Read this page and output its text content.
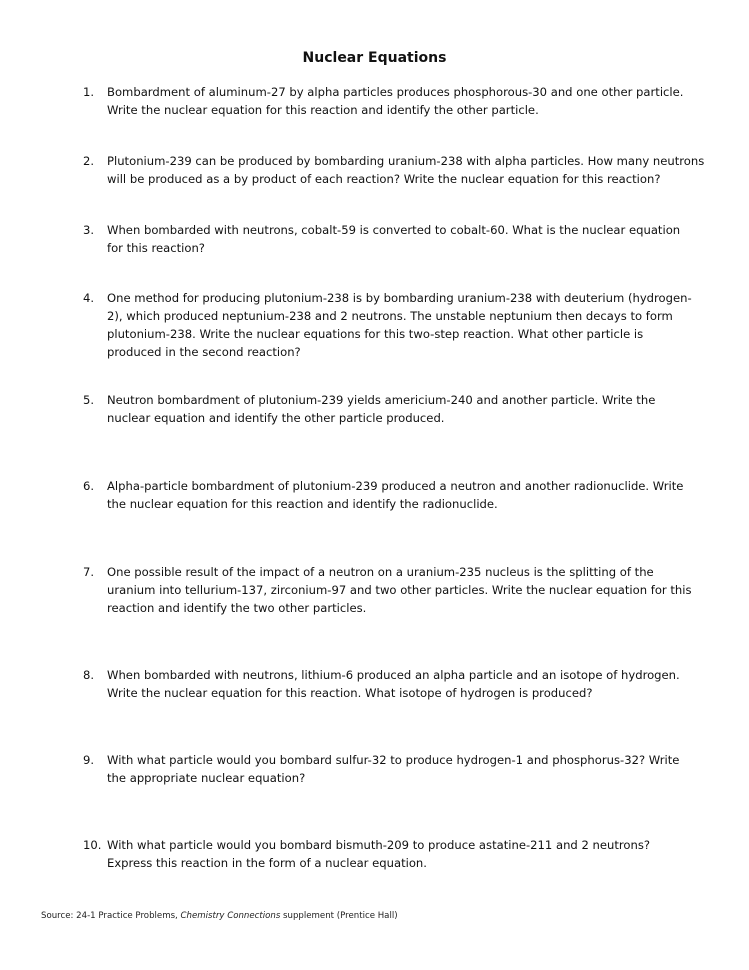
Nuclear Equations
1. Bombardment of aluminum-27 by alpha particles produces phosphorous-30 and one other particle.
Write the nuclear equation for this reaction and identify the other particle.
2. Plutonium-239 can be produced by bombarding uranium-238 with alpha particles. How many neutrons
will be produced as a by product of each reaction? Write the nuclear equation for this reaction?
3. When bombarded with neutrons, cobalt-59 is converted to cobalt-60. What is the nuclear equation
for this reaction?
4. One method for producing plutonium-238 is by bombarding uranium-238 with deuterium (hydrogen-
2), which produced neptunium-238 and 2 neutrons. The unstable neptunium then decays to form
plutonium-238. Write the nuclear equations for this two-step reaction. What other particle is
produced in the second reaction?
5. Neutron bombardment of plutonium-239 yields americium-240 and another particle. Write the
nuclear equation and identify the other particle produced.
6. Alpha-particle bombardment of plutonium-239 produced a neutron and another radionuclide. Write
the nuclear equation for this reaction and identify the radionuclide.
7. One possible result of the impact of a neutron on a uranium-235 nucleus is the splitting of the
uranium into tellurium-137, zirconium-97 and two other particles. Write the nuclear equation for this
reaction and identify the two other particles.
8. When bombarded with neutrons, lithium-6 produced an alpha particle and an isotope of hydrogen.
Write the nuclear equation for this reaction. What isotope of hydrogen is produced?
9. With what particle would you bombard sulfur-32 to produce hydrogen-1 and phosphorus-32? Write
the appropriate nuclear equation?
10. With what particle would you bombard bismuth-209 to produce astatine-211 and 2 neutrons?
Express this reaction in the form of a nuclear equation.
Source: 24-1 Practice Problems, Chemistry Connections supplement (Prentice Hall)
